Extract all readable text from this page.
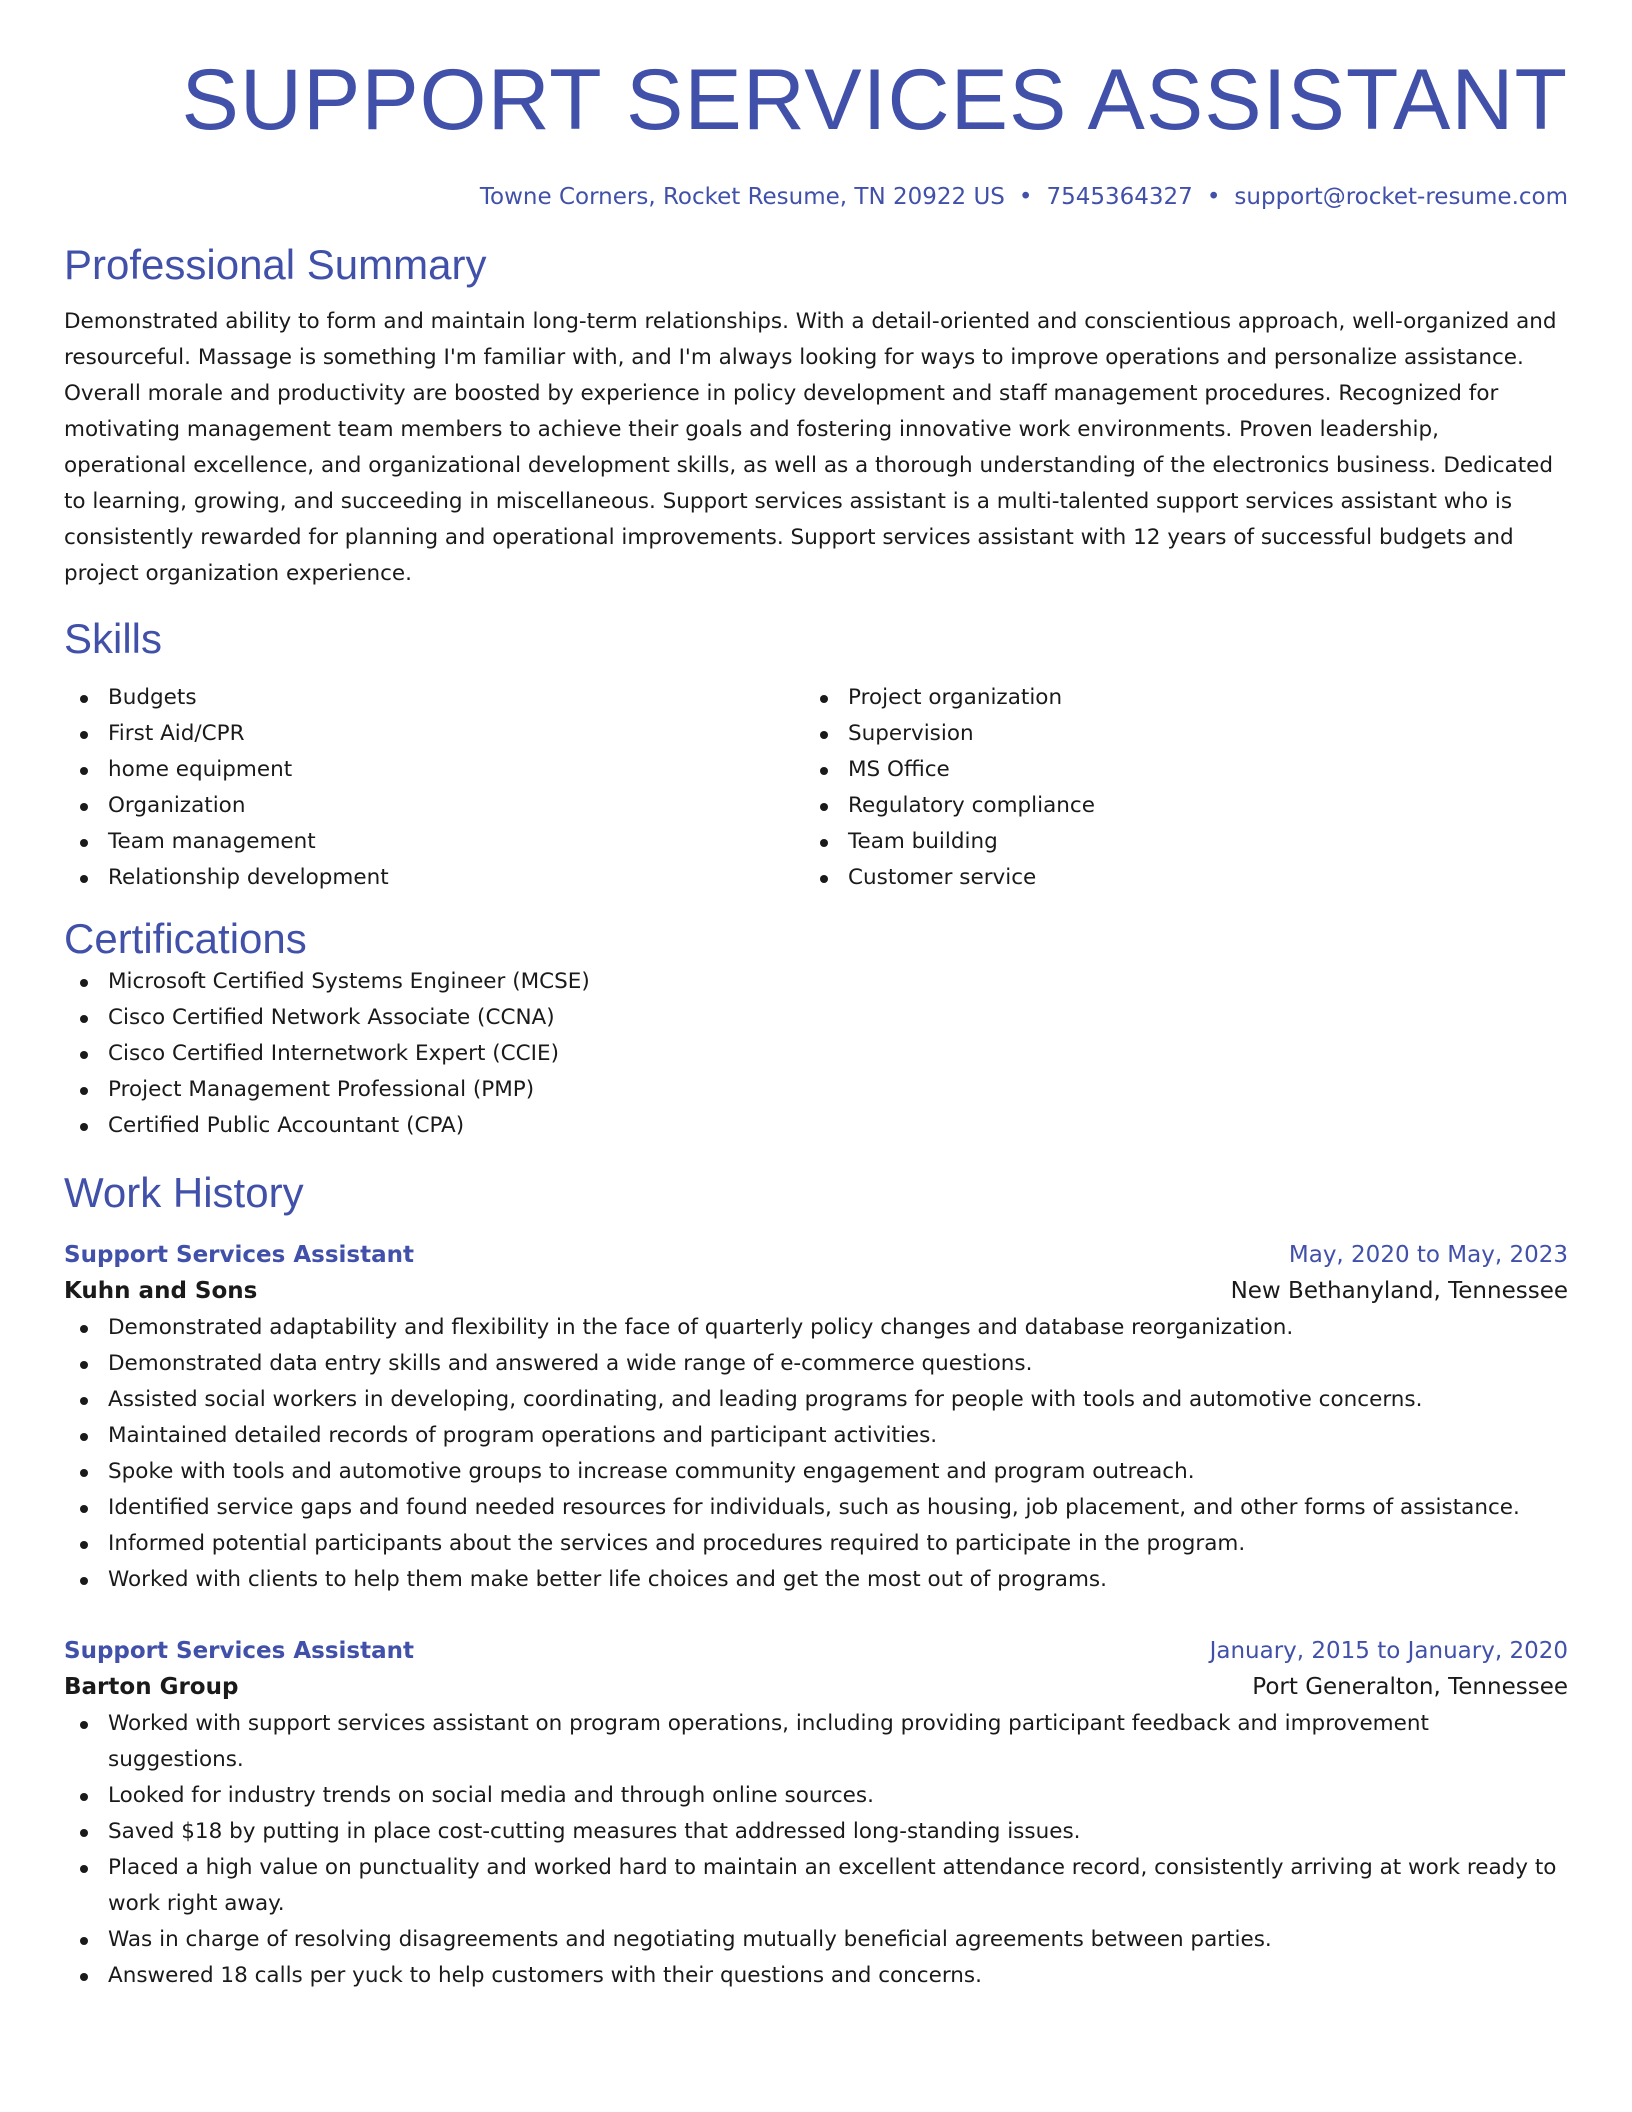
SUPPORT SERVICES ASSISTANT
Towne Corners, Rocket Resume, TN 20922 US • 7545364327 • support@rocket-resume.com
Professional Summary
Demonstrated ability to form and maintain long-term relationships. With a detail-oriented and conscientious approach, well-organized and resourceful. Massage is something I'm familiar with, and I'm always looking for ways to improve operations and personalize assistance. Overall morale and productivity are boosted by experience in policy development and staff management procedures. Recognized for motivating management team members to achieve their goals and fostering innovative work environments. Proven leadership, operational excellence, and organizational development skills, as well as a thorough understanding of the electronics business. Dedicated to learning, growing, and succeeding in miscellaneous. Support services assistant is a multi-talented support services assistant who is consistently rewarded for planning and operational improvements. Support services assistant with 12 years of successful budgets and project organization experience.
Skills
Budgets
First Aid/CPR
home equipment
Organization
Team management
Relationship development
Project organization
Supervision
MS Office
Regulatory compliance
Team building
Customer service
Certifications
Microsoft Certified Systems Engineer (MCSE)
Cisco Certified Network Associate (CCNA)
Cisco Certified Internetwork Expert (CCIE)
Project Management Professional (PMP)
Certified Public Accountant (CPA)
Work History
Support Services Assistant	May, 2020 to May, 2023
Kuhn and Sons	New Bethanyland, Tennessee
Demonstrated adaptability and flexibility in the face of quarterly policy changes and database reorganization.
Demonstrated data entry skills and answered a wide range of e-commerce questions.
Assisted social workers in developing, coordinating, and leading programs for people with tools and automotive concerns.
Maintained detailed records of program operations and participant activities.
Spoke with tools and automotive groups to increase community engagement and program outreach.
Identified service gaps and found needed resources for individuals, such as housing, job placement, and other forms of assistance.
Informed potential participants about the services and procedures required to participate in the program.
Worked with clients to help them make better life choices and get the most out of programs.
Support Services Assistant	January, 2015 to January, 2020
Barton Group	Port Generalton, Tennessee
Worked with support services assistant on program operations, including providing participant feedback and improvement suggestions.
Looked for industry trends on social media and through online sources.
Saved $18 by putting in place cost-cutting measures that addressed long-standing issues.
Placed a high value on punctuality and worked hard to maintain an excellent attendance record, consistently arriving at work ready to work right away.
Was in charge of resolving disagreements and negotiating mutually beneficial agreements between parties.
Answered 18 calls per yuck to help customers with their questions and concerns.
